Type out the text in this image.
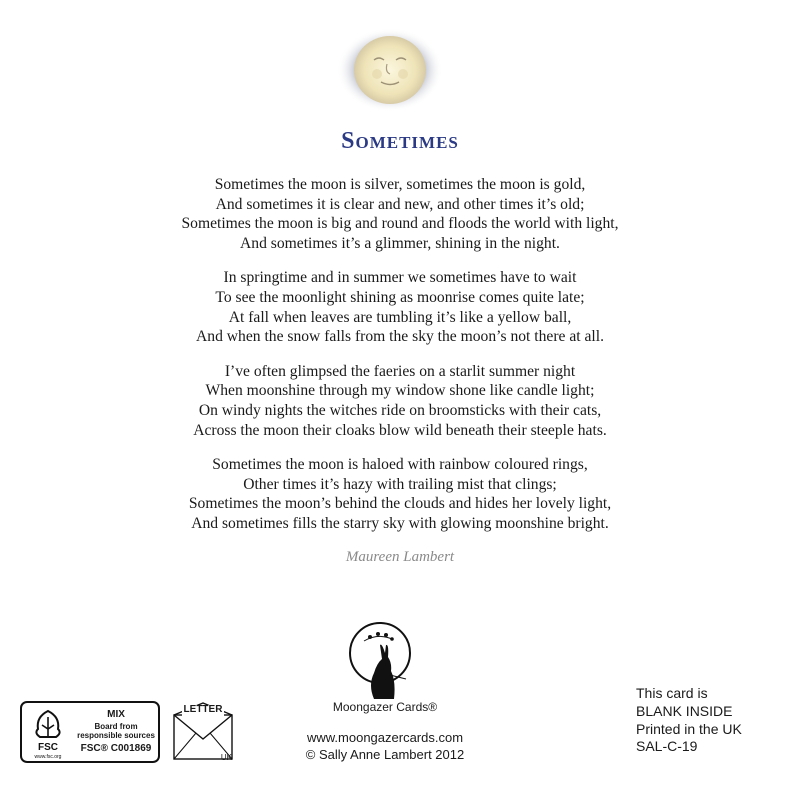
Sometimes
Sometimes the moon is silver, sometimes the moon is gold,
And sometimes it is clear and new, and other times it’s old;
Sometimes the moon is big and round and floods the world with light,
And sometimes it’s a glimmer, shining in the night.
In springtime and in summer we sometimes have to wait
To see the moonlight shining as moonrise comes quite late;
At fall when leaves are tumbling it’s like a yellow ball,
And when the snow falls from the sky the moon’s not there at all.
I’ve often glimpsed the faeries on a starlit summer night
When moonshine through my window shone like candle light;
On windy nights the witches ride on broomsticks with their cats,
Across the moon their cloaks blow wild beneath their steeple hats.
Sometimes the moon is haloed with rainbow coloured rings,
Other times it’s hazy with trailing mist that clings;
Sometimes the moon’s behind the clouds and hides her lovely light,
And sometimes fills the starry sky with glowing moonshine bright.
Maureen Lambert
Moongazer Cards®
www.moongazercards.com
© Sally Anne Lambert 2012
FSC
www.fsc.org
MIX
Board from
responsible sources
FSC® C001869
LETTER
UK
This card is
BLANK INSIDE
Printed in the UK
SAL-C-19
